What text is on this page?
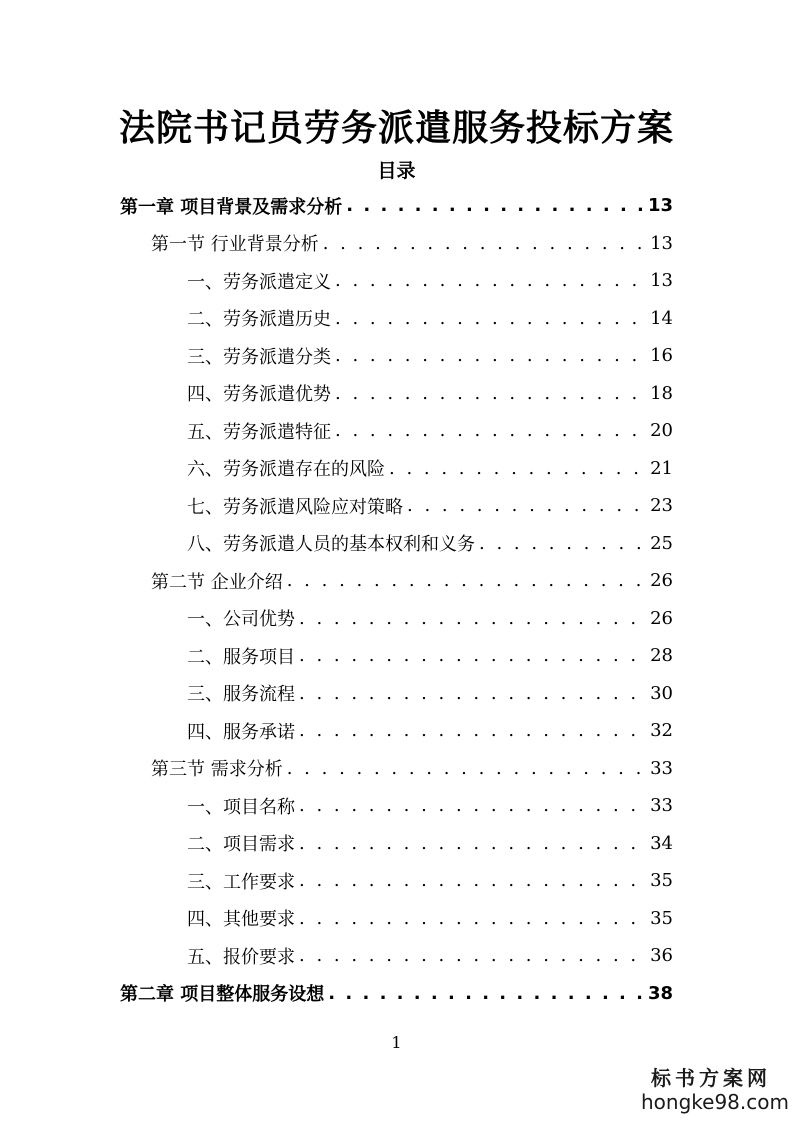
法院书记员劳务派遣服务投标方案
目录
第一章 项目背景及需求分析 . . .	13
第一节 行业背景分析 . . .	13
一、劳务派遣定义 . . .	13
二、劳务派遣历史 . . .	14
三、劳务派遣分类 . . .	16
四、劳务派遣优势 . . .	18
五、劳务派遣特征 . . .	20
六、劳务派遣存在的风险 . . .	21
七、劳务派遣风险应对策略 . . .	23
八、劳务派遣人员的基本权利和义务 . . .	25
第二节 企业介绍 . . .	26
一、公司优势 . . .	26
二、服务项目 . . .	28
三、服务流程 . . .	30
四、服务承诺 . . .	32
第三节 需求分析 . . .	33
一、项目名称 . . .	33
二、项目需求 . . .	34
三、工作要求 . . .	35
四、其他要求 . . .	35
五、报价要求 . . .	36
第二章 项目整体服务设想 . . .	38
1
标书方案网
hongke98.com
